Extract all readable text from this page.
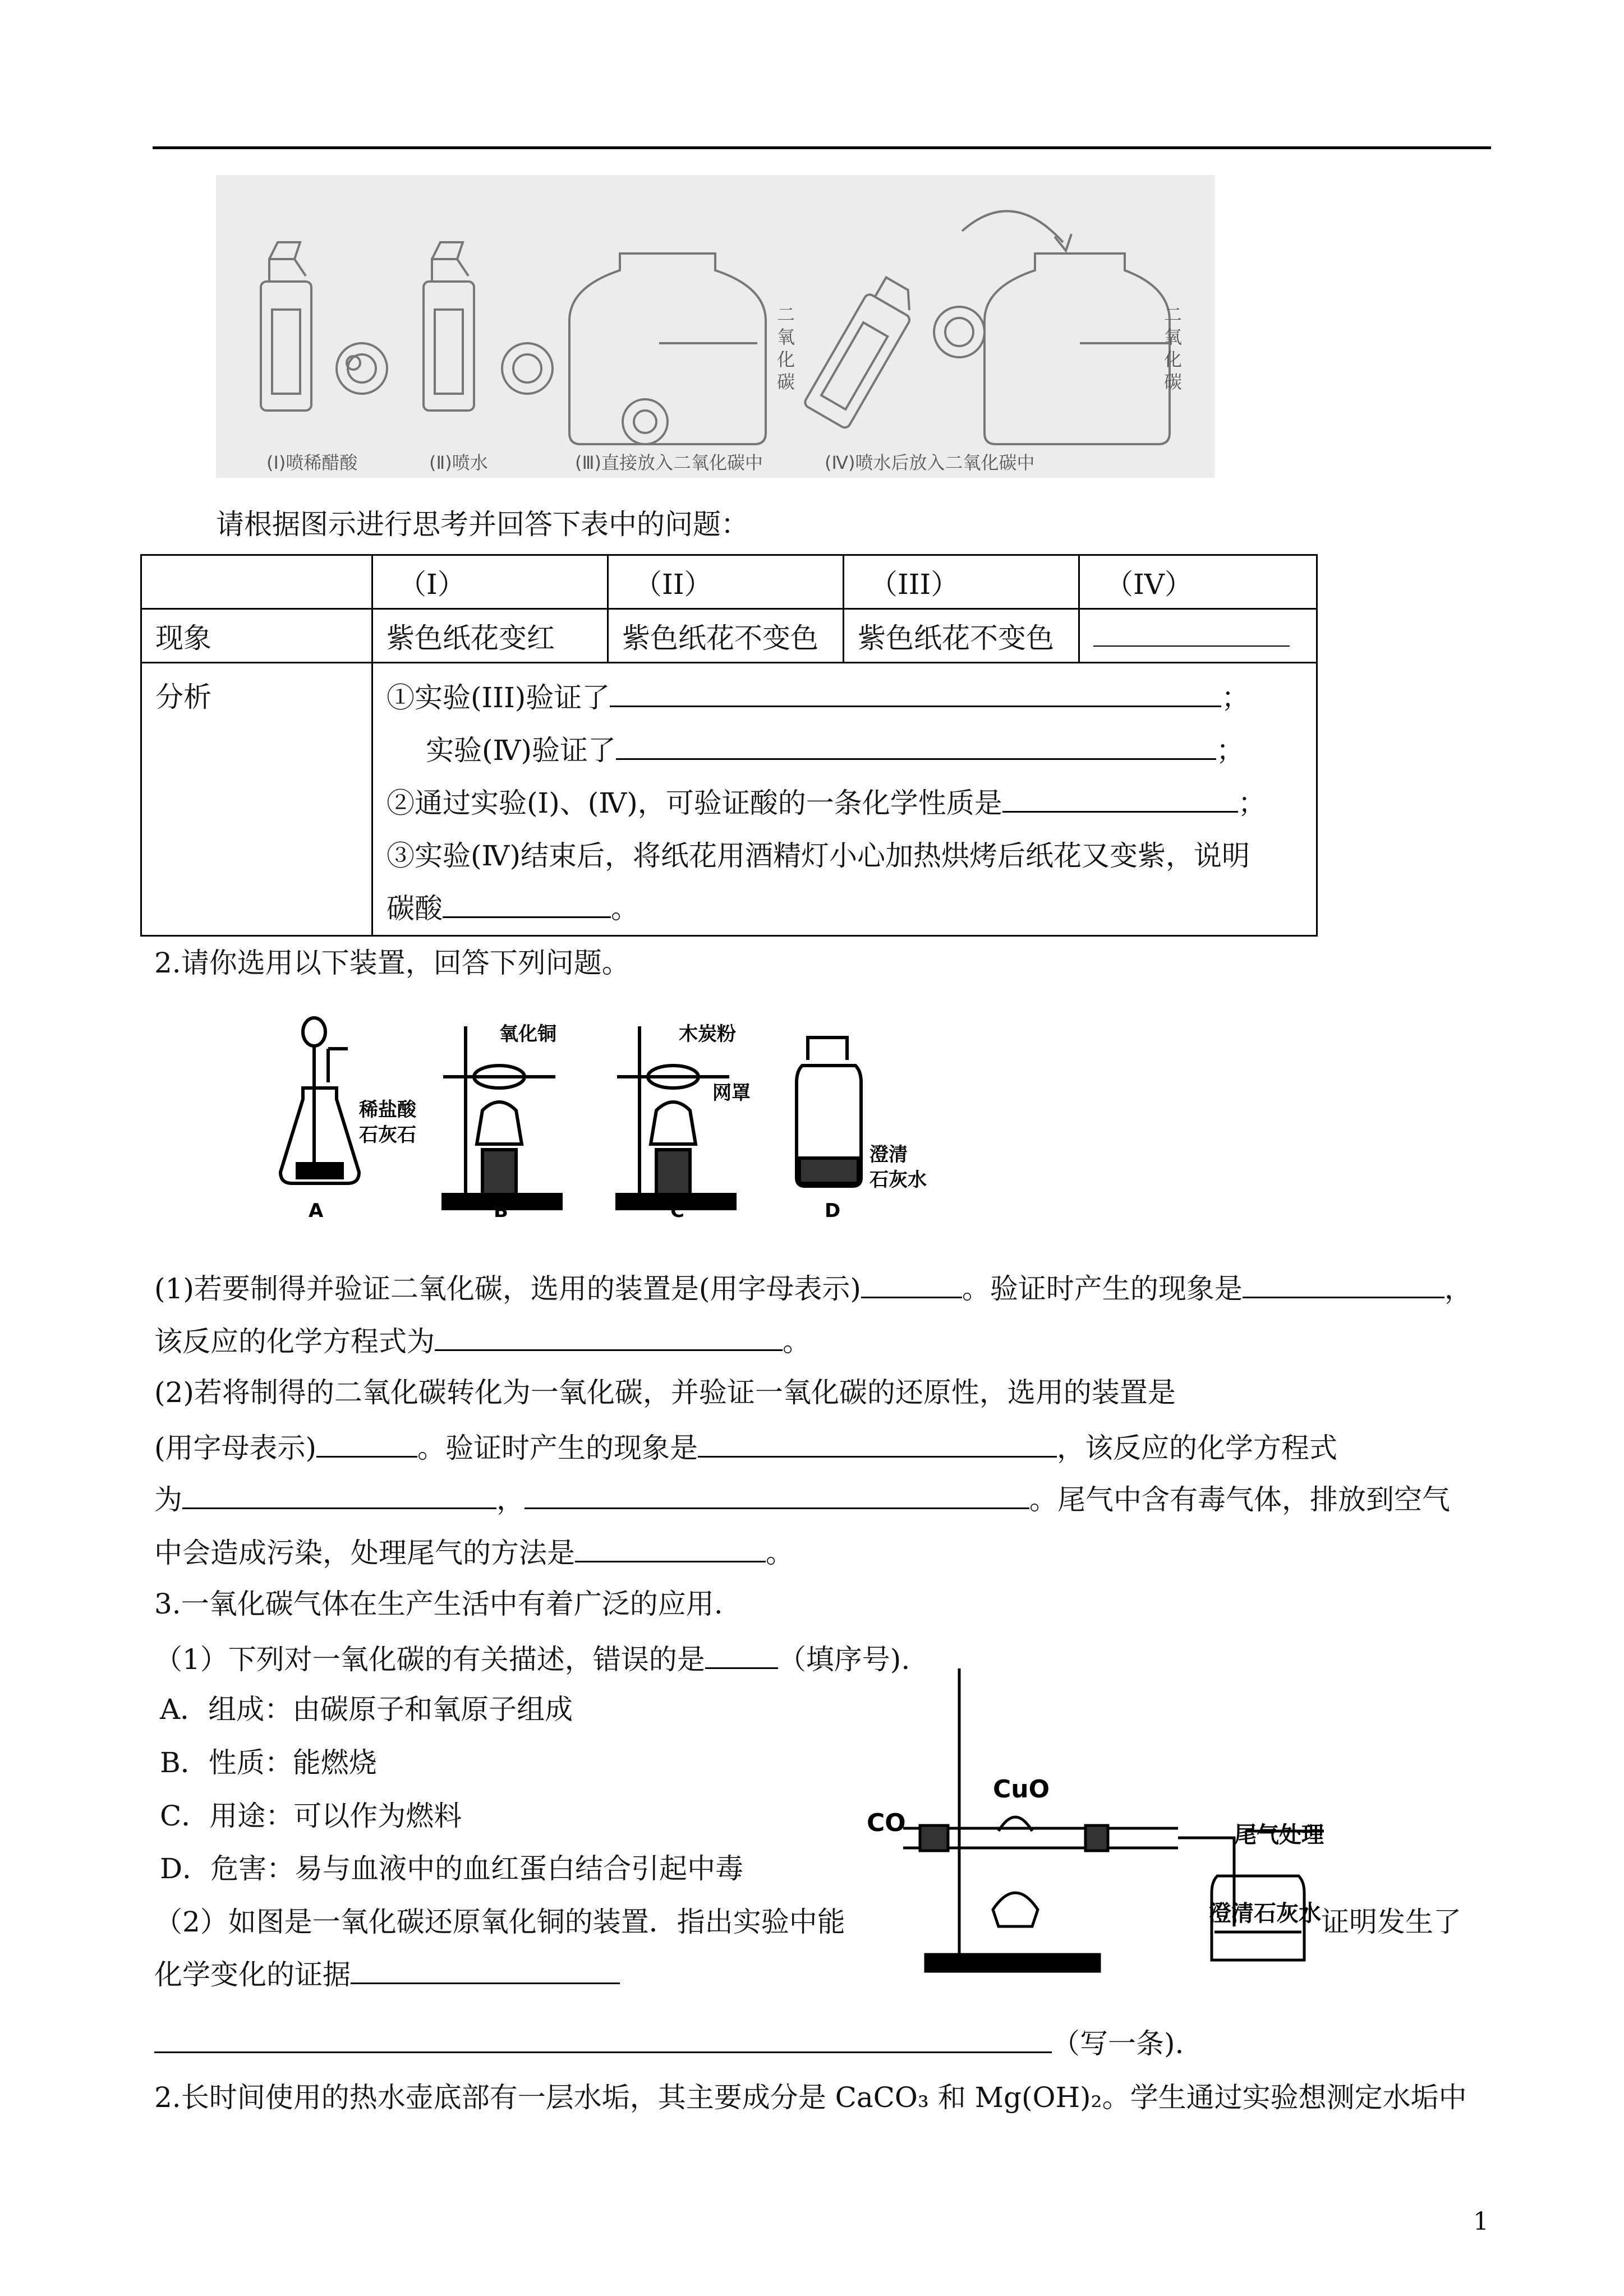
二
氧
化
碳
二
氧
化
碳
(Ⅰ)喷稀醋酸	(Ⅱ)喷水	(Ⅲ)直接放入二氧化碳中	(Ⅳ)喷水后放入二氧化碳中
请根据图示进行思考并回答下表中的问题：
	（I）	（II）	（III）	（IV）
现象	紫色纸花变红	紫色纸花不变色	紫色纸花不变色	
分析	①实验(III)验证了 ；
实验(Ⅳ)验证了 ；
②通过实验(Ⅰ)、(Ⅳ)，可验证酸的一条化学性质是 ；
③实验(Ⅳ)结束后，将纸花用酒精灯小心加热烘烤后纸花又变紫，说明
碳酸 。			
2.请你选用以下装置，回答下列问题。
稀盐酸
石灰石
A
氧化铜
B
木炭粉
网罩
C
澄清
石灰水
D
(1)若要制得并验证二氧化碳，选用的装置是(用字母表示)	。验证时产生的现象是	，
该反应的化学方程式为	。
(2)若将制得的二氧化碳转化为一氧化碳，并验证一氧化碳的还原性，选用的装置是
(用字母表示)	。验证时产生的现象是	，该反应的化学方程式
为	，	。尾气中含有毒气体，排放到空气
中会造成污染，处理尾气的方法是	。
3.一氧化碳气体在生产生活中有着广泛的应用.
（1）下列对一氧化碳的有关描述，错误的是	（填序号).
A．组成：由碳原子和氧原子组成
B．性质：能燃烧
C．用途：可以作为燃料
D．危害：易与血液中的血红蛋白结合引起中毒
（2）如图是一氧化碳还原氧化铜的装置．指出实验中能	证明发生了
化学变化的证据
（写一条).
CO
CuO
尾气处理
澄清石灰水
2.长时间使用的热水壶底部有一层水垢，其主要成分是 CaCO₃ 和 Mg(OH)₂。学生通过实验想测定水垢中
1
